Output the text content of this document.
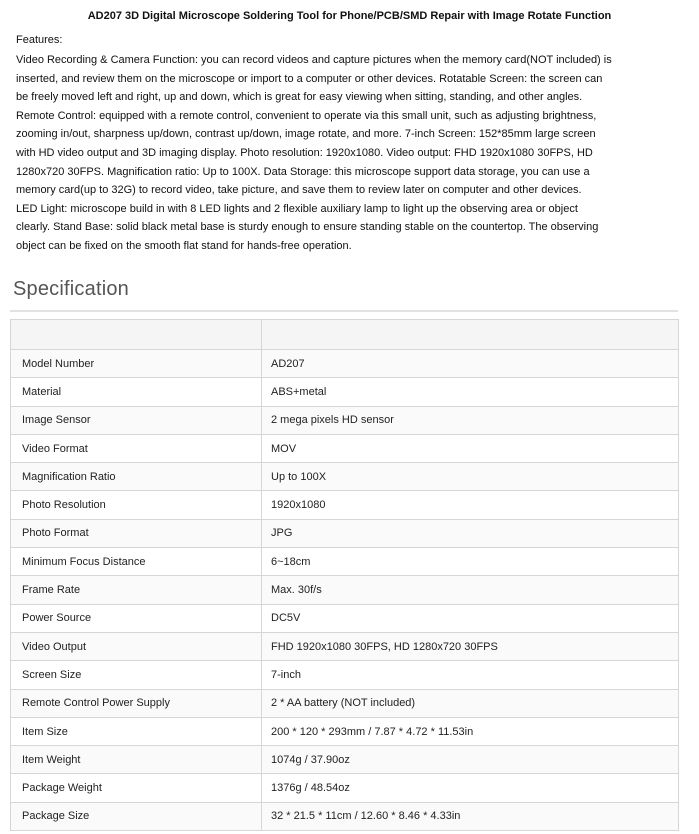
AD207 3D Digital Microscope Soldering Tool for Phone/PCB/SMD Repair with Image Rotate Function
Features:
Video Recording & Camera Function: you can record videos and capture pictures when the memory card(NOT included) is
inserted, and review them on the microscope or import to a computer or other devices. Rotatable Screen: the screen can
be freely moved left and right, up and down, which is great for easy viewing when sitting, standing, and other angles.
Remote Control: equipped with a remote control, convenient to operate via this small unit, such as adjusting brightness,
zooming in/out, sharpness up/down, contrast up/down, image rotate, and more. 7-inch Screen: 152*85mm large screen
with HD video output and 3D imaging display. Photo resolution: 1920x1080. Video output: FHD 1920x1080 30FPS, HD
1280x720 30FPS. Magnification ratio: Up to 100X. Data Storage: this microscope support data storage, you can use a
memory card(up to 32G) to record video, take picture, and save them to review later on computer and other devices.
LED Light: microscope build in with 8 LED lights and 2 flexible auxiliary lamp to light up the observing area or object
clearly. Stand Base: solid black metal base is sturdy enough to ensure standing stable on the countertop. The observing
object can be fixed on the smooth flat stand for hands-free operation.
Specification

Model Number	AD207
Material	ABS+metal
Image Sensor	2 mega pixels HD sensor
Video Format	MOV
Magnification Ratio	Up to 100X
Photo Resolution	1920x1080
Photo Format	JPG
Minimum Focus Distance	6~18cm
Frame Rate	Max. 30f/s
Power Source	DC5V
Video Output	FHD 1920x1080 30FPS, HD 1280x720 30FPS
Screen Size	7-inch
Remote Control Power Supply	2 * AA battery (NOT included)
Item Size	200 * 120 * 293mm / 7.87 * 4.72 * 11.53in
Item Weight	1074g / 37.90oz
Package Weight	1376g / 48.54oz
Package Size	32 * 21.5 * 11cm / 12.60 * 8.46 * 4.33in
